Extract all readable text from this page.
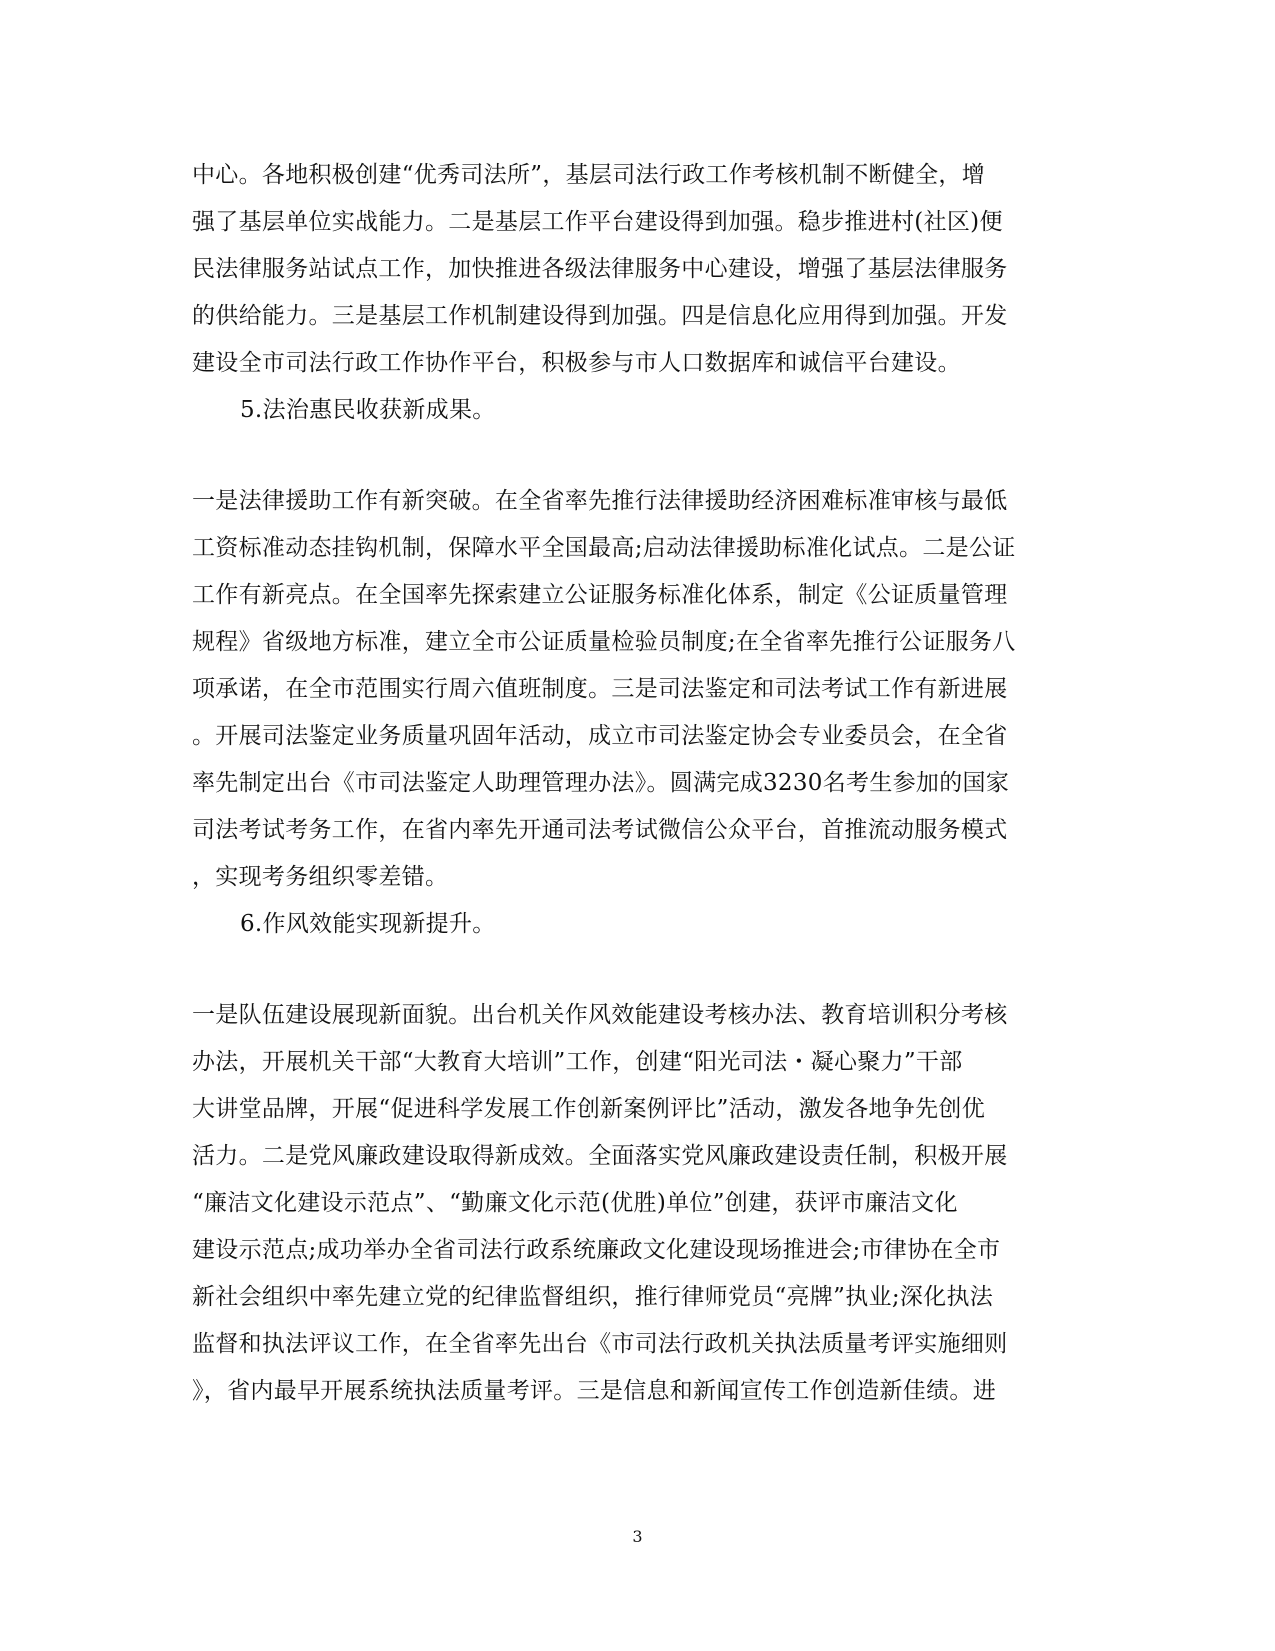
中心。各地积极创建“优秀司法所”，基层司法行政工作考核机制不断健全，增
强了基层单位实战能力。二是基层工作平台建设得到加强。稳步推进村(社区)便
民法律服务站试点工作，加快推进各级法律服务中心建设，增强了基层法律服务
的供给能力。三是基层工作机制建设得到加强。四是信息化应用得到加强。开发
建设全市司法行政工作协作平台，积极参与市人口数据库和诚信平台建设。
5.法治惠民收获新成果。
一是法律援助工作有新突破。在全省率先推行法律援助经济困难标准审核与最低
工资标准动态挂钩机制，保障水平全国最高;启动法律援助标准化试点。二是公证
工作有新亮点。在全国率先探索建立公证服务标准化体系，制定《公证质量管理
规程》省级地方标准，建立全市公证质量检验员制度;在全省率先推行公证服务八
项承诺，在全市范围实行周六值班制度。三是司法鉴定和司法考试工作有新进展
。开展司法鉴定业务质量巩固年活动，成立市司法鉴定协会专业委员会，在全省
率先制定出台《市司法鉴定人助理管理办法》。圆满完成3230名考生参加的国家
司法考试考务工作，在省内率先开通司法考试微信公众平台，首推流动服务模式
，实现考务组织零差错。
6.作风效能实现新提升。
一是队伍建设展现新面貌。出台机关作风效能建设考核办法、教育培训积分考核
办法，开展机关干部“大教育大培训”工作，创建“阳光司法・凝心聚力”干部
大讲堂品牌，开展“促进科学发展工作创新案例评比”活动，激发各地争先创优
活力。二是党风廉政建设取得新成效。全面落实党风廉政建设责任制，积极开展
“廉洁文化建设示范点”、“勤廉文化示范(优胜)单位”创建，获评市廉洁文化
建设示范点;成功举办全省司法行政系统廉政文化建设现场推进会;市律协在全市
新社会组织中率先建立党的纪律监督组织，推行律师党员“亮牌”执业;深化执法
监督和执法评议工作，在全省率先出台《市司法行政机关执法质量考评实施细则
》，省内最早开展系统执法质量考评。三是信息和新闻宣传工作创造新佳绩。进
3
